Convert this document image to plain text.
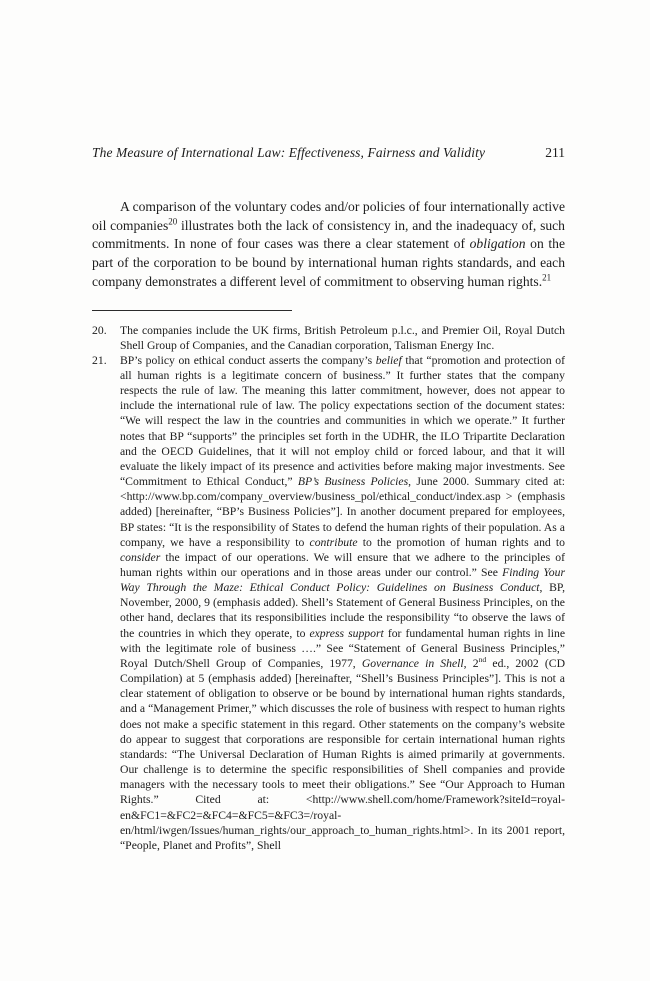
The Measure of International Law: Effectiveness, Fairness and Validity	211

A comparison of the voluntary codes and/or policies of four internationally active oil companies$^{20}$ illustrates both the lack of consistency in, and the inadequacy of, such commitments. In none of four cases was there a clear statement of obligation on the part of the corporation to be bound by international human rights standards, and each company demonstrates a different level of commitment to observing human rights.$^{21}$

20. The companies include the UK firms, British Petroleum p.l.c., and Premier Oil, Royal Dutch Shell Group of Companies, and the Canadian corporation, Talisman Energy Inc.
21. BP’s policy on ethical conduct asserts the company’s belief that “promotion and protection of all human rights is a legitimate concern of business.” It further states that the company respects the rule of law. The meaning this latter commitment, however, does not appear to include the international rule of law. The policy expectations section of the document states: “We will respect the law in the countries and communities in which we operate.” It further notes that BP “supports” the principles set forth in the UDHR, the ILO Tripartite Declaration and the OECD Guidelines, that it will not employ child or forced labour, and that it will evaluate the likely impact of its presence and activities before making major investments. See “Commitment to Ethical Conduct,” BP’s Business Policies, June 2000. Summary cited at: <http://www.bp.com/company_overview/business_pol/ethical_conduct/index.asp > (emphasis added) [hereinafter, “BP’s Business Policies”]. In another document prepared for employees, BP states: “It is the responsibility of States to defend the human rights of their population. As a company, we have a responsibility to contribute to the promotion of human rights and to consider the impact of our operations. We will ensure that we adhere to the principles of human rights within our operations and in those areas under our control.” See Finding Your Way Through the Maze: Ethical Conduct Policy: Guidelines on Business Conduct, BP, November, 2000, 9 (emphasis added). Shell’s Statement of General Business Principles, on the other hand, declares that its responsibilities include the responsibility “to observe the laws of the countries in which they operate, to express support for fundamental human rights in line with the legitimate role of business ….” See “Statement of General Business Principles,” Royal Dutch/Shell Group of Companies, 1977, Governance in Shell, 2nd ed., 2002 (CD Compilation) at 5 (emphasis added) [hereinafter, “Shell’s Business Principles”]. This is not a clear statement of obligation to observe or be bound by international human rights standards, and a “Management Primer,” which discusses the role of business with respect to human rights does not make a specific statement in this regard. Other statements on the company’s website do appear to suggest that corporations are responsible for certain international human rights standards: “The Universal Declaration of Human Rights is aimed primarily at governments. Our challenge is to determine the specific responsibilities of Shell companies and provide managers with the necessary tools to meet their obligations.” See “Our Approach to Human Rights.” Cited at: <http://www.shell.com/home/Framework?siteId=royal-en&FC1=&FC2=&FC4=&FC5=&FC3=/royal-en/html/iwgen/Issues/human_rights/our_approach_to_human_rights.html>. In its 2001 report, “People, Planet and Profits”, Shell
